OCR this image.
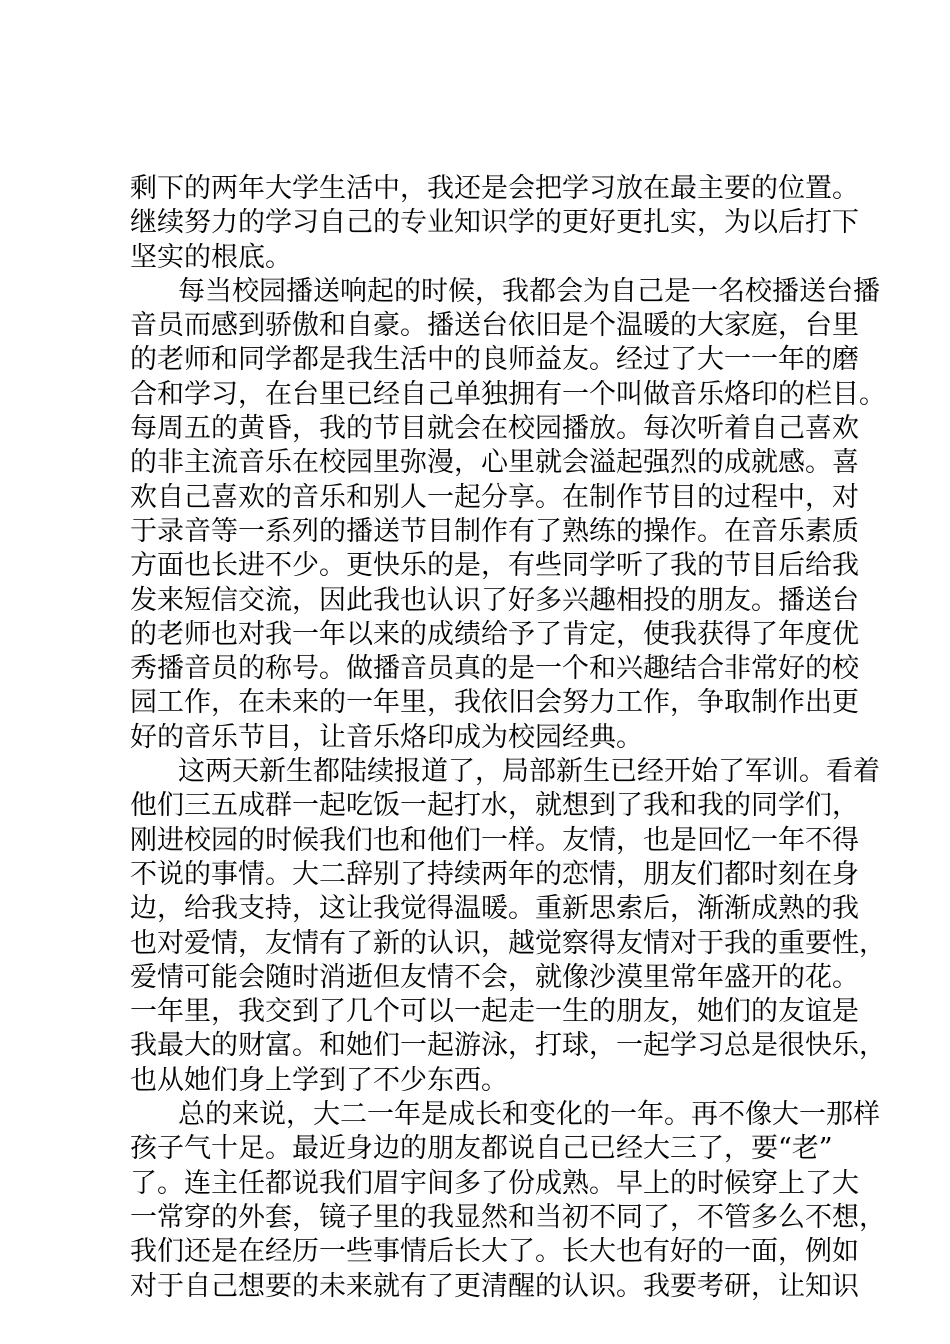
剩下的两年大学生活中，我还是会把学习放在最主要的位置。
继续努力的学习自己的专业知识学的更好更扎实，为以后打下
坚实的根底。
每当校园播送响起的时候，我都会为自己是一名校播送台播
音员而感到骄傲和自豪。播送台依旧是个温暖的大家庭，台里
的老师和同学都是我生活中的良师益友。经过了大一一年的磨
合和学习，在台里已经自己单独拥有一个叫做音乐烙印的栏目。
每周五的黄昏，我的节目就会在校园播放。每次听着自己喜欢
的非主流音乐在校园里弥漫，心里就会溢起强烈的成就感。喜
欢自己喜欢的音乐和别人一起分享。在制作节目的过程中，对
于录音等一系列的播送节目制作有了熟练的操作。在音乐素质
方面也长进不少。更快乐的是，有些同学听了我的节目后给我
发来短信交流，因此我也认识了好多兴趣相投的朋友。播送台
的老师也对我一年以来的成绩给予了肯定，使我获得了年度优
秀播音员的称号。做播音员真的是一个和兴趣结合非常好的校
园工作，在未来的一年里，我依旧会努力工作，争取制作出更
好的音乐节目，让音乐烙印成为校园经典。
这两天新生都陆续报道了，局部新生已经开始了军训。看着
他们三五成群一起吃饭一起打水，就想到了我和我的同学们，
刚进校园的时候我们也和他们一样。友情，也是回忆一年不得
不说的事情。大二辞别了持续两年的恋情，朋友们都时刻在身
边，给我支持，这让我觉得温暖。重新思索后，渐渐成熟的我
也对爱情，友情有了新的认识，越觉察得友情对于我的重要性，
爱情可能会随时消逝但友情不会，就像沙漠里常年盛开的花。
一年里，我交到了几个可以一起走一生的朋友，她们的友谊是
我最大的财富。和她们一起游泳，打球，一起学习总是很快乐，
也从她们身上学到了不少东西。
总的来说，大二一年是成长和变化的一年。再不像大一那样
孩子气十足。最近身边的朋友都说自己已经大三了，要“老”
了。连主任都说我们眉宇间多了份成熟。早上的时候穿上了大
一常穿的外套，镜子里的我显然和当初不同了，不管多么不想，
我们还是在经历一些事情后长大了。长大也有好的一面，例如
对于自己想要的未来就有了更清醒的认识。我要考研，让知识
